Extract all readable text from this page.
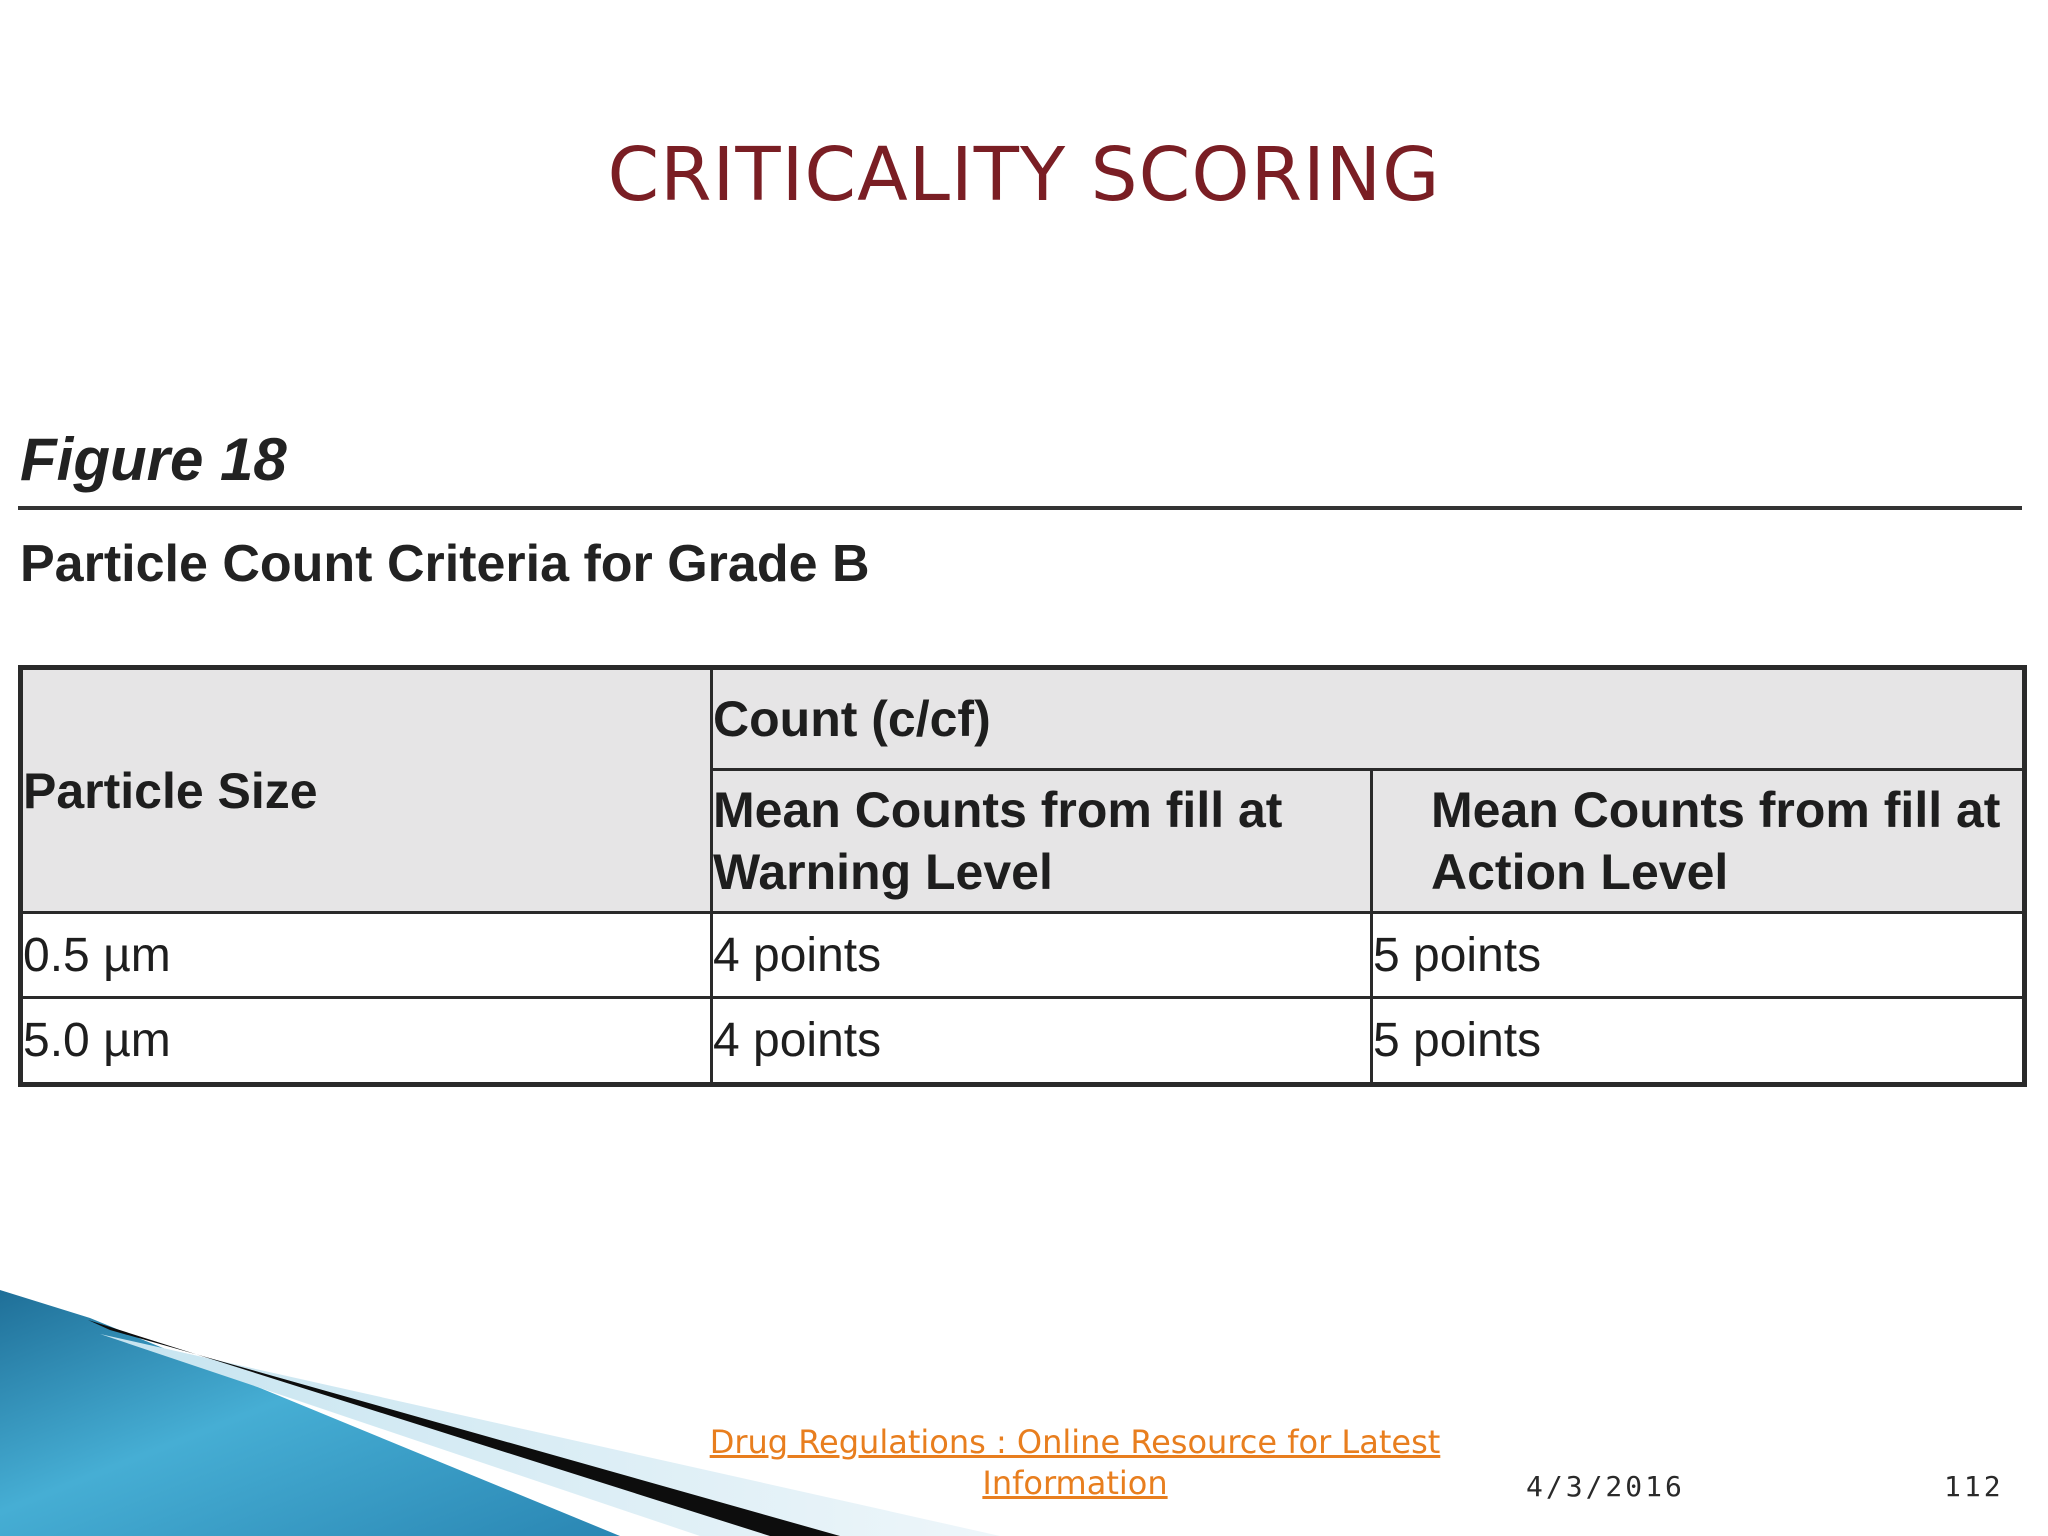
CRITICALITY SCORING
Figure 18
Particle Count Criteria for Grade B
Particle Size	Count (c/cf)	
	Mean Counts from fill at Warning Level	Mean Counts from fill at Action Level
0.5 µm	4 points	5 points
5.0 µm	4 points	5 points
Drug Regulations : Online Resource for Latest Information	4/3/2016	112
